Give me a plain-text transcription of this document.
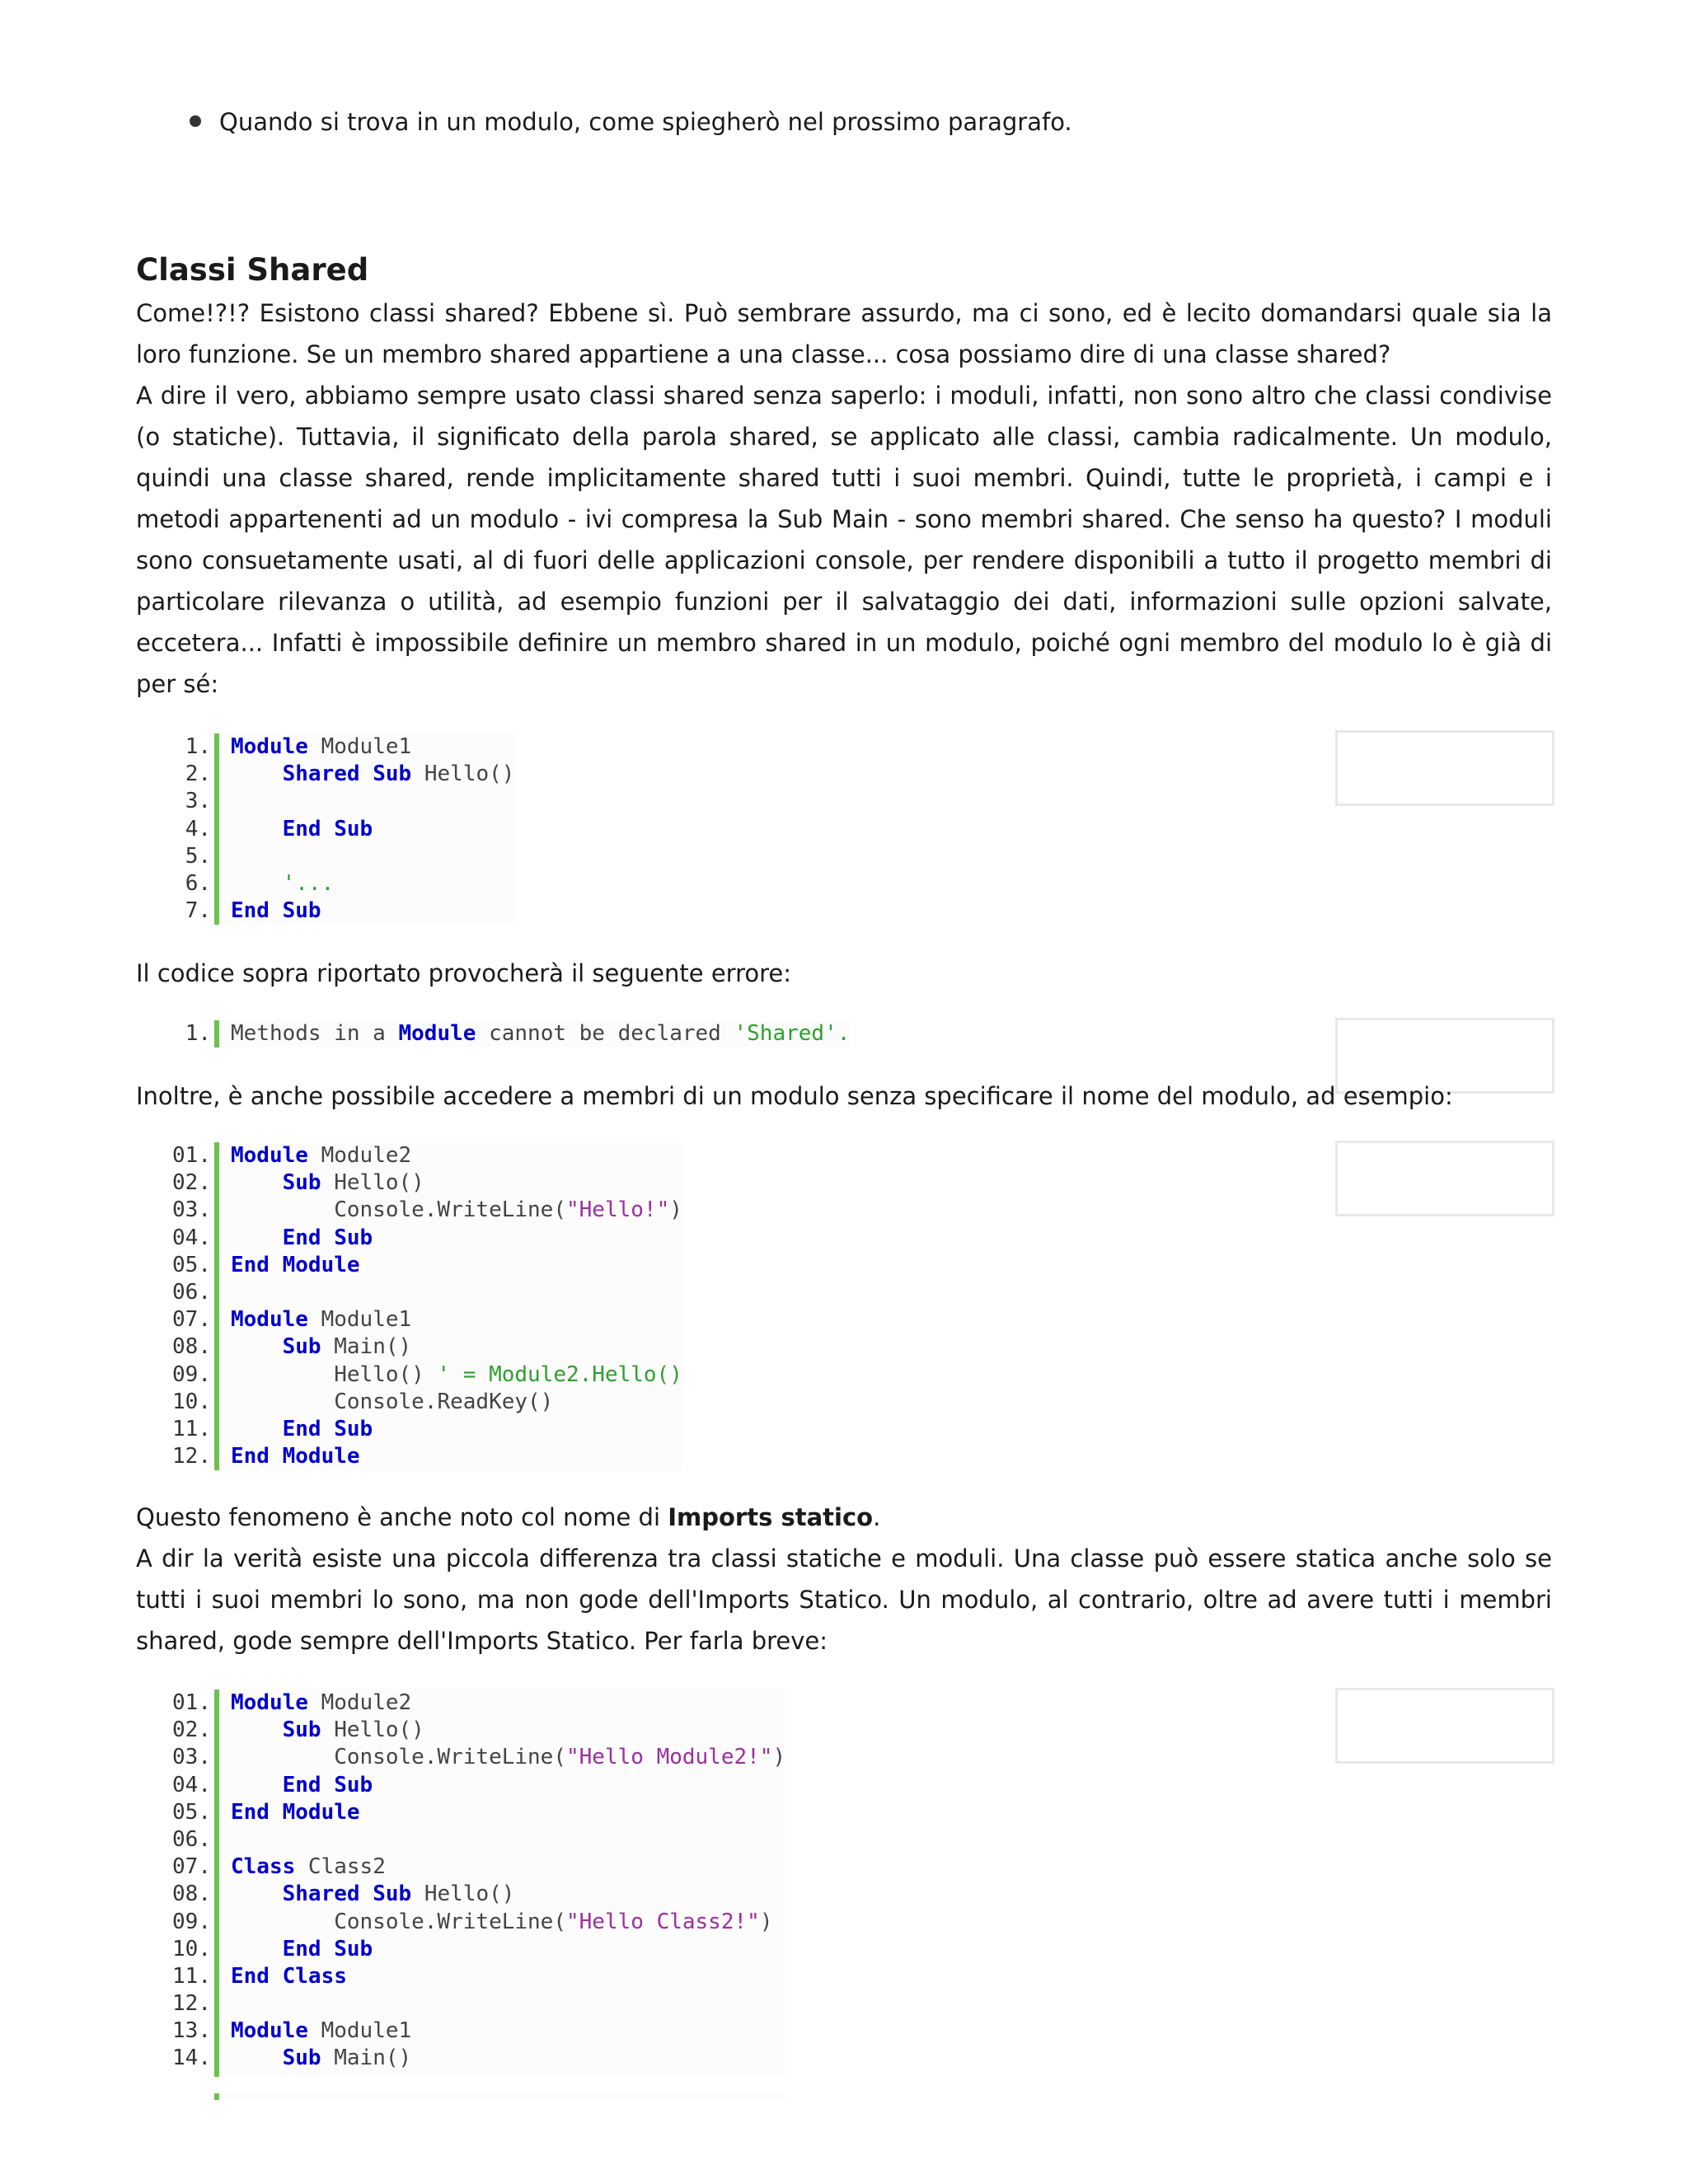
Quando si trova in un modulo, come spiegherò nel prossimo paragrafo.
Classi Shared

Come!?!? Esistono classi shared? Ebbene sì. Può sembrare assurdo, ma ci sono, ed è lecito domandarsi quale sia la loro funzione. Se un membro shared appartiene a una classe... cosa possiamo dire di una classe shared?

A dire il vero, abbiamo sempre usato classi shared senza saperlo: i moduli, infatti, non sono altro che classi condivise (o statiche). Tuttavia, il significato della parola shared, se applicato alle classi, cambia radicalmente. Un modulo, quindi una classe shared, rende implicitamente shared tutti i suoi membri. Quindi, tutte le proprietà, i campi e i metodi appartenenti ad un modulo - ivi compresa la Sub Main - sono membri shared. Che senso ha questo? I moduli sono consuetamente usati, al di fuori delle applicazioni console, per rendere disponibili a tutto il progetto membri di particolare rilevanza o utilità, ad esempio funzioni per il salvataggio dei dati, informazioni sulle opzioni salvate, eccetera... Infatti è impossibile definire un membro shared in un modulo, poiché ogni membro del modulo lo è già di per sé:

1. Module Module1
2.	Shared Sub Hello()
3.
4.	End Sub
5.
6.	'...
7. End Sub

Il codice sopra riportato provocherà il seguente errore:

1. Methods in a Module cannot be declared 'Shared'.

Inoltre, è anche possibile accedere a membri di un modulo senza specificare il nome del modulo, ad esempio:

01. Module Module2
02.	Sub Hello()
03. Console.WriteLine("Hello!")
04.	End Sub
05. End Module
06.
07. Module Module1
08.	Sub Main()
09. Hello() ' = Module2.Hello()
10. Console.ReadKey()
11.	End Sub
12. End Module

Questo fenomeno è anche noto col nome di Imports statico.

A dir la verità esiste una piccola differenza tra classi statiche e moduli. Una classe può essere statica anche solo se tutti i suoi membri lo sono, ma non gode dell'Imports Statico. Un modulo, al contrario, oltre ad avere tutti i membri shared, gode sempre dell'Imports Statico. Per farla breve:

01. Module Module2
02.	Sub Hello()
03. Console.WriteLine("Hello Module2!")
04.	End Sub
05. End Module
06.
07. Class Class2
08.	Shared Sub Hello()
09. Console.WriteLine("Hello Class2!")
10.	End Sub
11. End Class
12.
13. Module Module1
14.	Sub Main()
